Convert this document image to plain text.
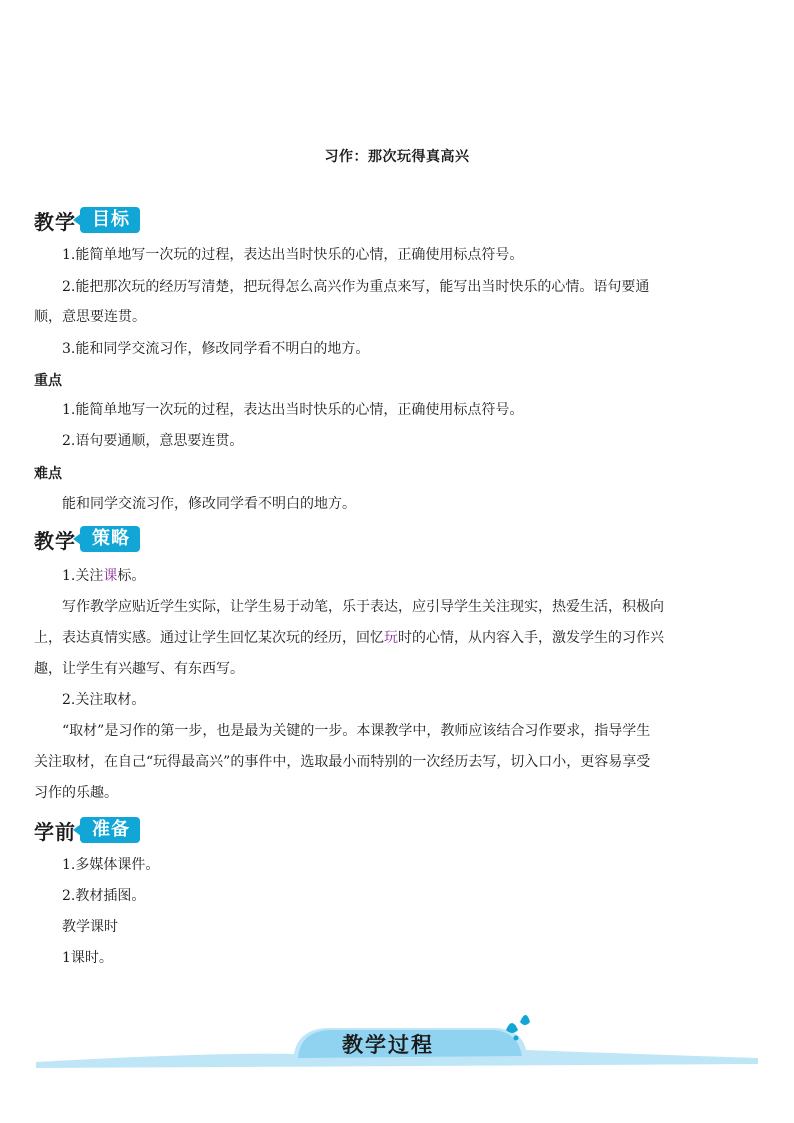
习作：那次玩得真高兴
教学 目标
1.能简单地写一次玩的过程，表达出当时快乐的心情，正确使用标点符号。
2.能把那次玩的经历写清楚，把玩得怎么高兴作为重点来写，能写出当时快乐的心情。语句要通
顺，意思要连贯。
3.能和同学交流习作，修改同学看不明白的地方。
重点
1.能简单地写一次玩的过程，表达出当时快乐的心情，正确使用标点符号。
2.语句要通顺，意思要连贯。
难点
能和同学交流习作，修改同学看不明白的地方。
教学 策略
1.关注课标。
写作教学应贴近学生实际，让学生易于动笔，乐于表达，应引导学生关注现实，热爱生活，积极向
上，表达真情实感。通过让学生回忆某次玩的经历，回忆玩时的心情，从内容入手，激发学生的习作兴
趣，让学生有兴趣写、有东西写。
2.关注取材。
“取材”是习作的第一步，也是最为关键的一步。本课教学中，教师应该结合习作要求，指导学生
关注取材，在自己“玩得最高兴”的事件中，选取最小而特别的一次经历去写，切入口小，更容易享受
习作的乐趣。
学前 准备
1.多媒体课件。
2.教材插图。
教学课时
1课时。
教学过程
